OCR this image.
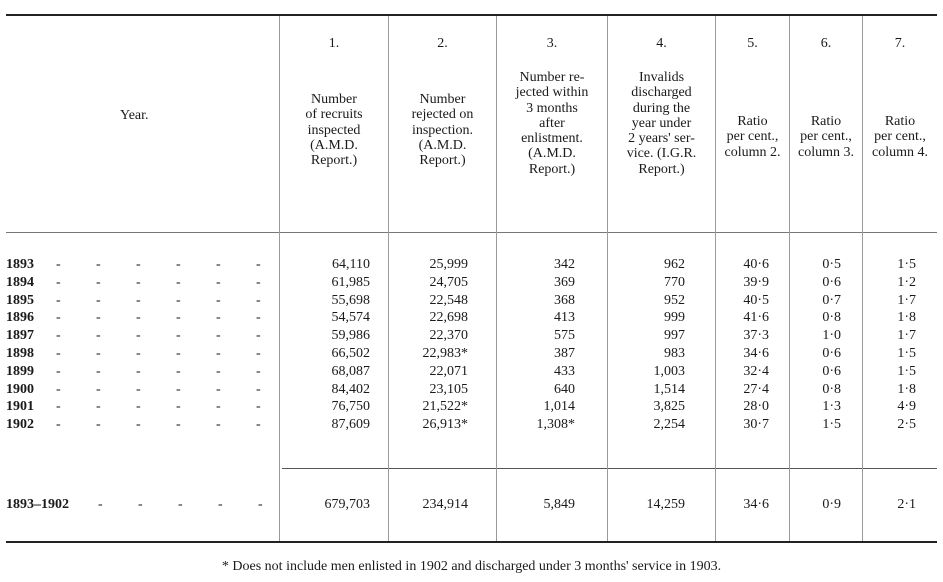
Year.
1.
Number
of recruits
inspected
(A.M.D.
Report.)
2.
Number
rejected on
inspection.
(A.M.D.
Report.)
3.
Number re-
jected within
3 months
after
enlistment.
(A.M.D.
Report.)
4.
Invalids
discharged
during the
year under
2 years' ser-
vice. (I.G.R.
Report.)
5.
Ratio
per cent.,
column 2.
6.
Ratio
per cent.,
column 3.
7.
Ratio
per cent.,
column 4.
1893 -	-	-	-	-	-	64,110	25,999	342	962	40·6	0·5	1·5
1894 -	-	-	-	-	-	61,985	24,705	369	770	39·9	0·6	1·2
1895 -	-	-	-	-	-	55,698	22,548	368	952	40·5	0·7	1·7
1896 -	-	-	-	-	-	54,574	22,698	413	999	41·6	0·8	1·8
1897 -	-	-	-	-	-	59,986	22,370	575	997	37·3	1·0	1·7
1898 -	-	-	-	-	-	66,502	22,983*	387	983	34·6	0·6	1·5
1899 -	-	-	-	-	-	68,087	22,071	433	1,003	32·4	0·6	1·5
1900 -	-	-	-	-	-	84,402	23,105	640	1,514	27·4	0·8	1·8
1901 -	-	-	-	-	-	76,750	21,522*	1,014	3,825	28·0	1·3	4·9
1902 -	-	-	-	-	-	87,609	26,913*	1,308*	2,254	30·7	1·5	2·5
1893–1902 -	-	-	-	-	679,703	234,914	5,849	14,259	34·6	0·9	2·1
* Does not include men enlisted in 1902 and discharged under 3 months' service in 1903.
